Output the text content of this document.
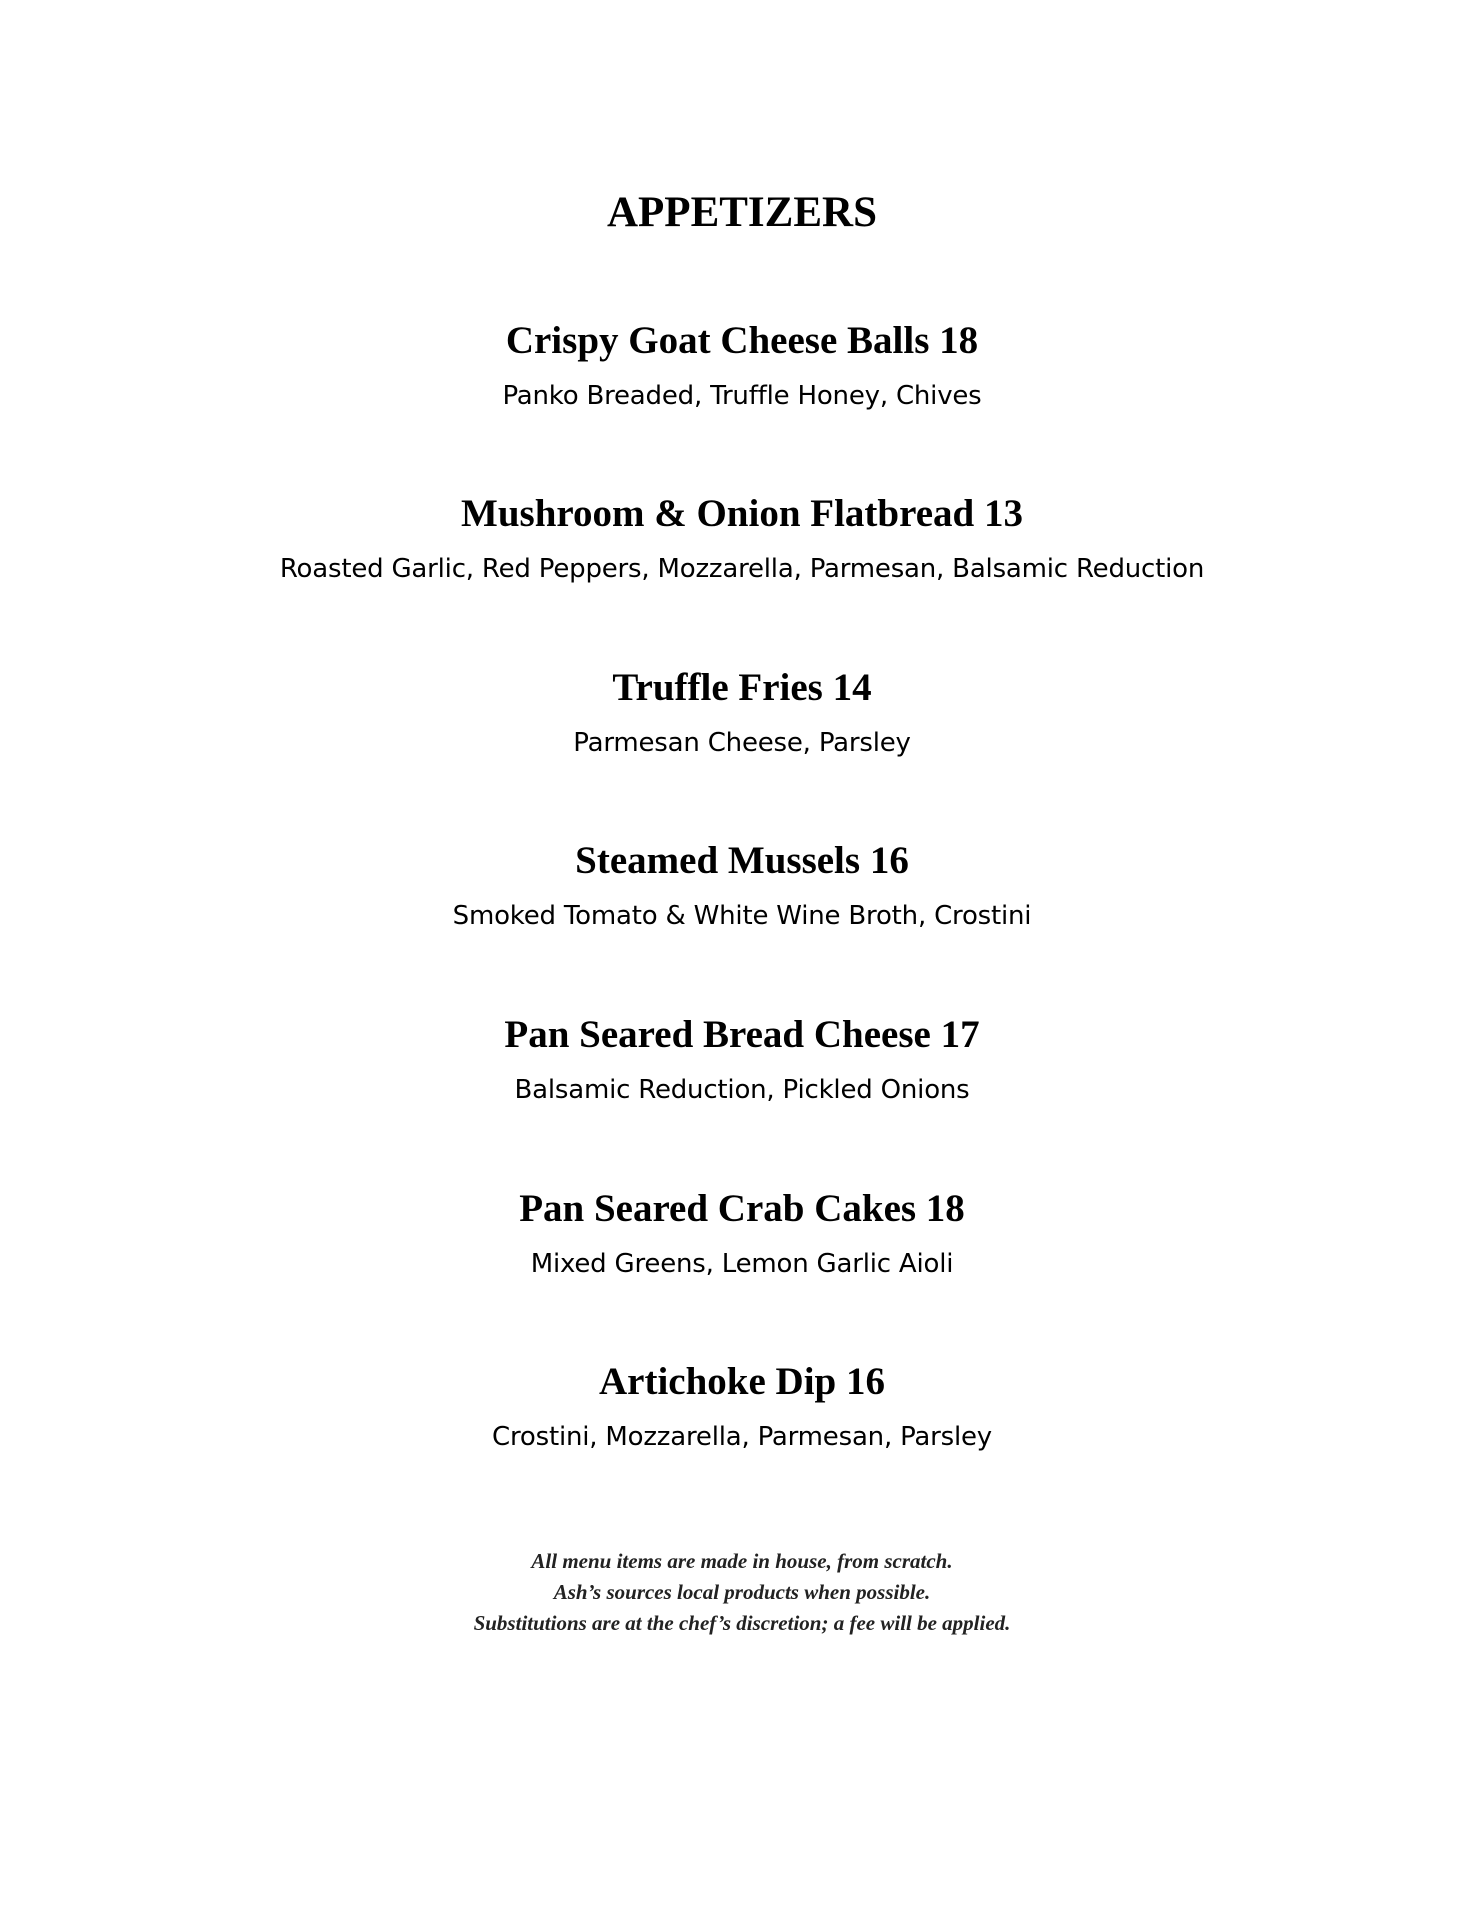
APPETIZERS
Crispy Goat Cheese Balls 18
Panko Breaded, Truffle Honey, Chives
Mushroom & Onion Flatbread 13
Roasted Garlic, Red Peppers, Mozzarella, Parmesan, Balsamic Reduction
Truffle Fries 14
Parmesan Cheese, Parsley
Steamed Mussels 16
Smoked Tomato & White Wine Broth, Crostini
Pan Seared Bread Cheese 17
Balsamic Reduction, Pickled Onions
Pan Seared Crab Cakes 18
Mixed Greens, Lemon Garlic Aioli
Artichoke Dip 16
Crostini, Mozzarella, Parmesan, Parsley
All menu items are made in house, from scratch.
Ash’s sources local products when possible.
Substitutions are at the chef’s discretion; a fee will be applied.
